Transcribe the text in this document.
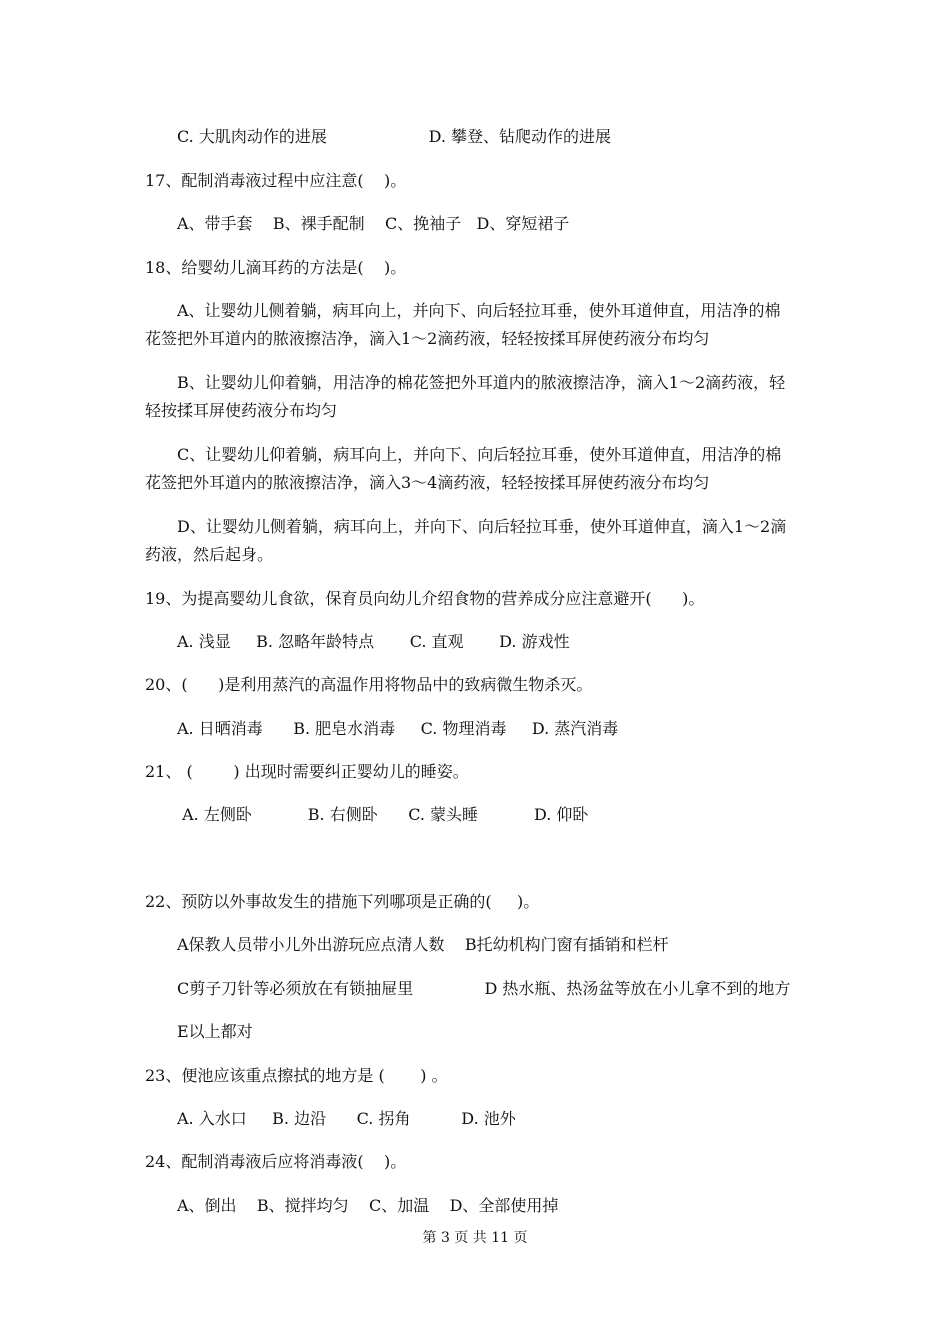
C. 大肌肉动作的进展                    D. 攀登、钻爬动作的进展
17、配制消毒液过程中应注意(    )。
A、带手套    B、裸手配制    C、挽袖子   D、穿短裙子
18、给婴幼儿滴耳药的方法是(    )。
A、让婴幼儿侧着躺，病耳向上，并向下、向后轻拉耳垂，使外耳道伸直，用洁净的棉
花签把外耳道内的脓液擦洁净，滴入1～2滴药液，轻轻按揉耳屏使药液分布均匀
B、让婴幼儿仰着躺，用洁净的棉花签把外耳道内的脓液擦洁净，滴入1～2滴药液，轻
轻按揉耳屏使药液分布均匀
C、让婴幼儿仰着躺，病耳向上，并向下、向后轻拉耳垂，使外耳道伸直，用洁净的棉
花签把外耳道内的脓液擦洁净，滴入3～4滴药液，轻轻按揉耳屏使药液分布均匀
D、让婴幼儿侧着躺，病耳向上，并向下、向后轻拉耳垂，使外耳道伸直，滴入1～2滴
药液，然后起身。
19、为提高婴幼儿食欲，保育员向幼儿介绍食物的营养成分应注意避开(      )。
A. 浅显     B. 忽略年龄特点       C. 直观       D. 游戏性
20、(      )是利用蒸汽的高温作用将物品中的致病微生物杀灭。
A. 日晒消毒      B. 肥皂水消毒     C. 物理消毒     D. 蒸汽消毒
21、 (        ) 出现时需要纠正婴幼儿的睡姿。
A. 左侧卧           B. 右侧卧      C. 蒙头睡           D. 仰卧
22、预防以外事故发生的措施下列哪项是正确的(     )。
A保教人员带小儿外出游玩应点清人数    B托幼机构门窗有插销和栏杆
C剪子刀针等必须放在有锁抽屉里              D 热水瓶、热汤盆等放在小儿拿不到的地方
E以上都对
23、便池应该重点擦拭的地方是 (       ) 。
A. 入水口     B. 边沿      C. 拐角          D. 池外
24、配制消毒液后应将消毒液(    )。
A、倒出    B、搅拌均匀    C、加温    D、全部使用掉
第 3 页 共 11 页
